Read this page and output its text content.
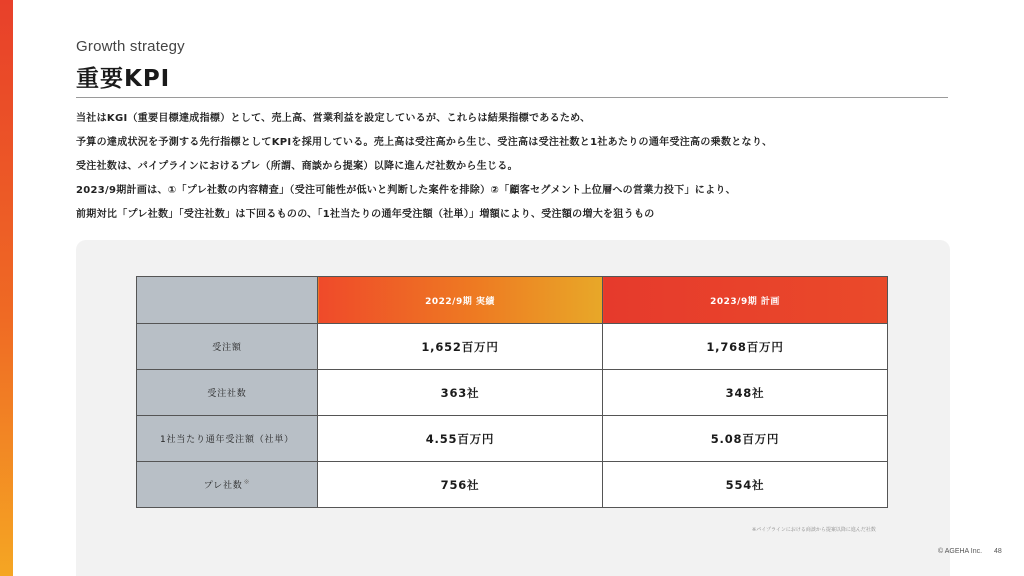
Growth strategy
重要KPI
当社はKGI（重要目標達成指標）として、売上高、営業利益を設定しているが、これらは結果指標であるため、
予算の達成状況を予測する先行指標としてKPIを採用している。売上高は受注高から生じ、受注高は受注社数と1社あたりの通年受注高の乗数となり、
受注社数は、パイプラインにおけるプレ（所謂、商談から提案）以降に進んだ社数から生じる。
2023/9期計画は、①「プレ社数の内容精査」（受注可能性が低いと判断した案件を排除）②「顧客セグメント上位層への営業力投下」により、
前期対比「プレ社数」「受注社数」は下回るものの、「1社当たりの通年受注額（社単）」増額により、受注額の増大を狙うもの
	2022/9期 実績	2023/9期 計画
受注額	1,652百万円	1,768百万円
受注社数	363社	348社
1社当たり通年受注額（社単）	4.55百万円	5.08百万円
プレ社数※	756社	554社
※パイプラインにおける商談から提案以降に進んだ社数
© AGEHA Inc. 48
